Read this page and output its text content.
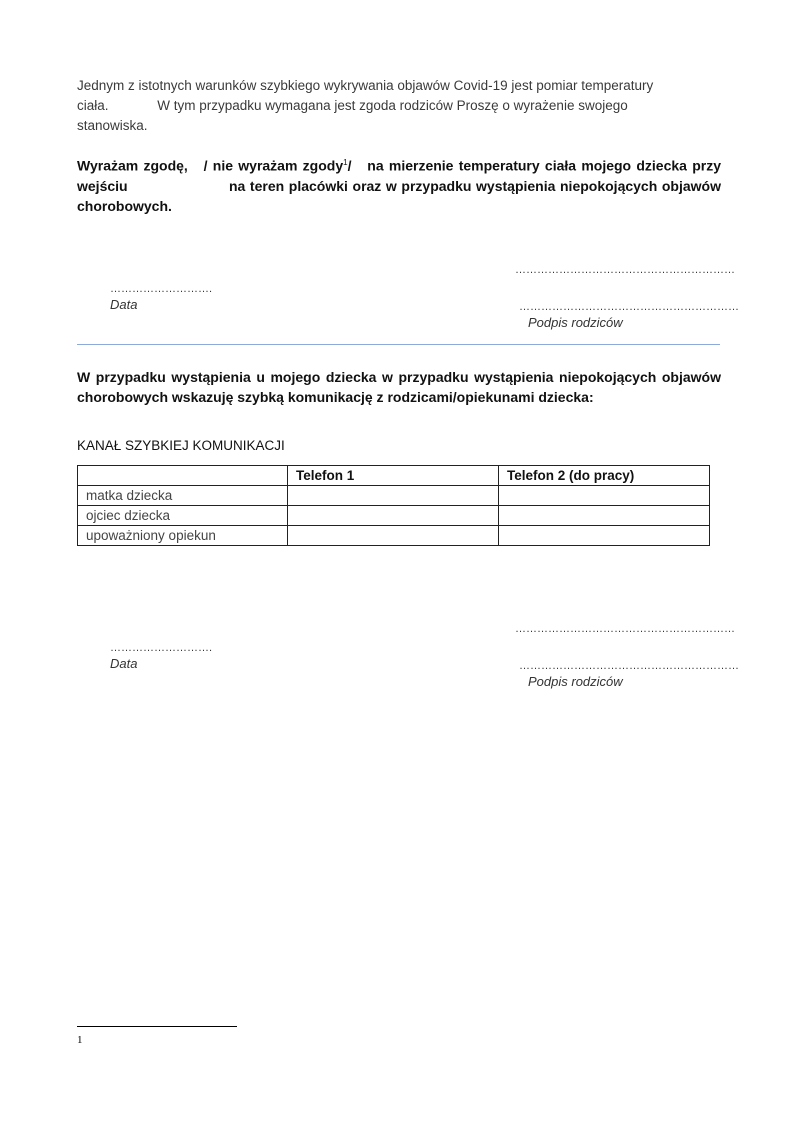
Jednym z istotnych warunków szybkiego wykrywania objawów Covid-19 jest pomiar temperatury

ciała.             W tym przypadku wymagana jest zgoda rodziców Proszę o wyrażenie swojego

stanowiska.

Wyrażam zgodę,   / nie wyrażam zgody$^1$/   na mierzenie temperatury ciała mojego dziecka przy wejściu                      na teren placówki oraz w przypadku wystąpienia niepokojących objawów chorobowych.

……………………………………………………
……………………….
Data	……………………………………………………
Podpis rodziców

W przypadku wystąpienia u mojego dziecka w przypadku wystąpienia niepokojących objawów chorobowych wskazuję szybką komunikację z rodzicami/opiekunami dziecka:

KANAŁ SZYBKIEJ KOMUNIKACJI
	Telefon 1	Telefon 2 (do pracy)
matka dziecka		
ojciec dziecka		
upoważniony opiekun		
……………………………………………………
……………………….
Data	……………………………………………………
Podpis rodziców
1
